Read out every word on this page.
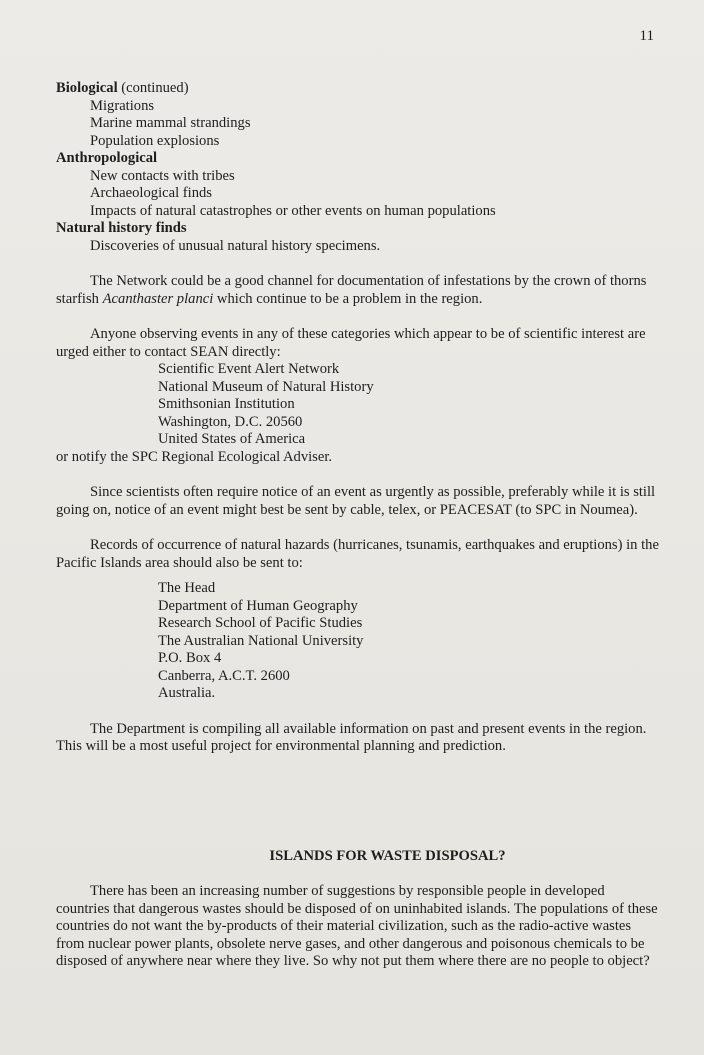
11
Biological (continued)
Migrations
Marine mammal strandings
Population explosions
Anthropological
New contacts with tribes
Archaeological finds
Impacts of natural catastrophes or other events on human populations
Natural history finds
Discoveries of unusual natural history specimens.

The Network could be a good channel for documentation of infestations by the crown of thorns starfish Acanthaster planci which continue to be a problem in the region.

Anyone observing events in any of these categories which appear to be of scientific interest are urged either to contact SEAN directly:

Scientific Event Alert Network
National Museum of Natural History
Smithsonian Institution
Washington, D.C. 20560
United States of America
or notify the SPC Regional Ecological Adviser.

Since scientists often require notice of an event as urgently as possible, preferably while it is still going on, notice of an event might best be sent by cable, telex, or PEACESAT (to SPC in Noumea).

Records of occurrence of natural hazards (hurricanes, tsunamis, earthquakes and eruptions) in the Pacific Islands area should also be sent to:

The Head
Department of Human Geography
Research School of Pacific Studies
The Australian National University
P.O. Box 4
Canberra, A.C.T. 2600
Australia.

The Department is compiling all available information on past and present events in the region. This will be a most useful project for environmental planning and prediction.

ISLANDS FOR WASTE DISPOSAL?

There has been an increasing number of suggestions by responsible people in developed countries that dangerous wastes should be disposed of on uninhabited islands. The populations of these countries do not want the by-products of their material civilization, such as the radio-active wastes from nuclear power plants, obsolete nerve gases, and other dangerous and poisonous chemicals to be disposed of anywhere near where they live. So why not put them where there are no people to object?
